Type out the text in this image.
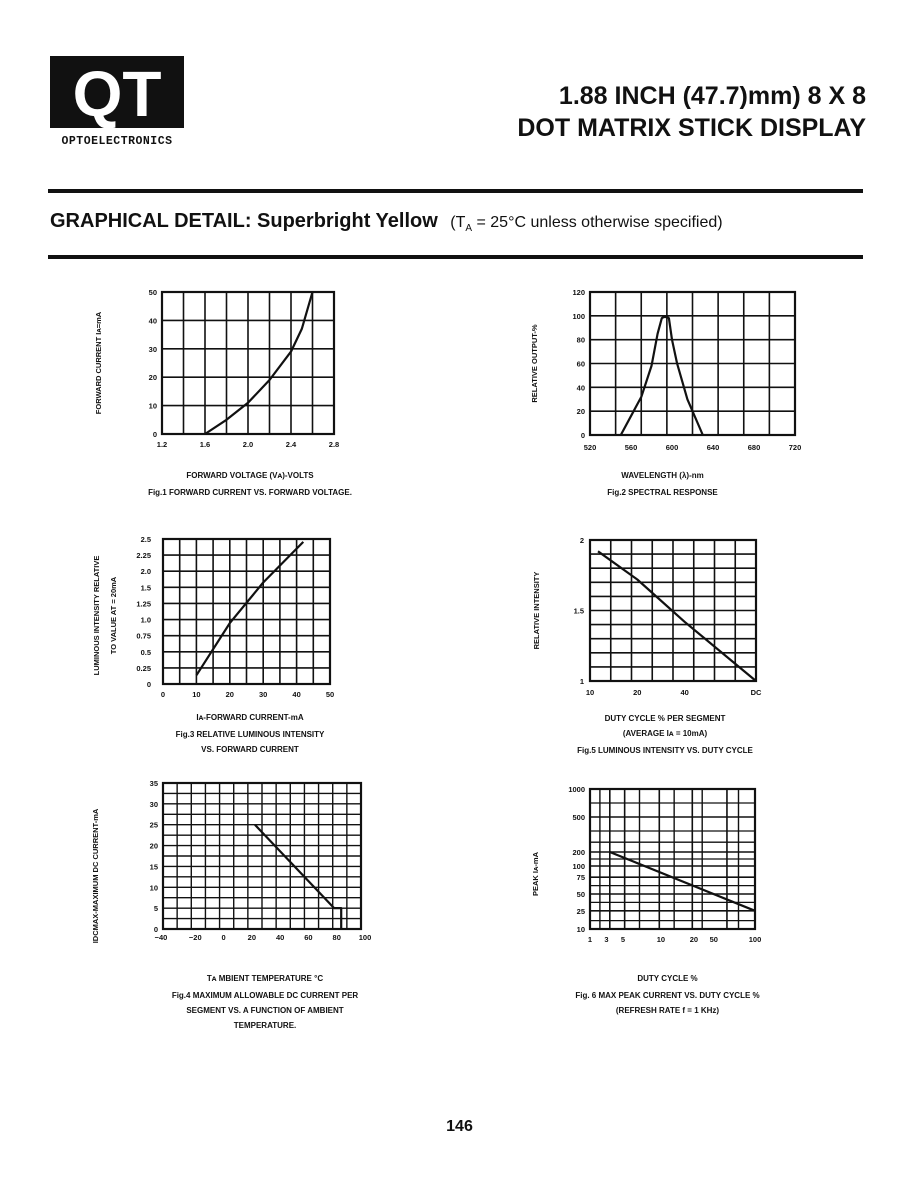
QT
OPTOELECTRONICS
1.88 INCH (47.7)mm) 8 X 8
DOT MATRIX STICK DISPLAY
GRAPHICAL DETAIL: Superbright Yellow ($T_A = 25^\circ C$ unless otherwise specified)
1.2	1.6	2.0	2.4	2.8
0
10
20
30
40
50
FORWARD CURRENT Iᴀ=mA
520	560	600	640	680	720
0
20
40
60
80
100
120
RELATIVE OUTPUT-%
0	10	20	30	40	50
0
0.25
0.5
0.75
1.0
1.25
1.5
2.0
2.25
2.5
LUMINOUS INTENSITY RELATIVE TO VALUE AT = 20mA
10	20	40	DC
1
1.5
2
RELATIVE INTENSITY
−40	−20	0	20	40	60	80 100
0
5
10
15
20
25
30
35
IDCMAX-MAXIMUM DC CURRENT-mA	1 3 5	10	20 50	100
10
25
50
75
100
200
500
1000
PEAK Iᴀ-mA
FORWARD VOLTAGE (Vᴀ)-VOLTS
Fig.1 FORWARD CURRENT VS. FORWARD VOLTAGE.
WAVELENGTH (λ)-nm
Fig.2 SPECTRAL RESPONSE
Iᴀ-FORWARD CURRENT-mA
Fig.3 RELATIVE LUMINOUS INTENSITY
VS. FORWARD CURRENT
DUTY CYCLE % PER SEGMENT
(AVERAGE Iᴀ = 10mA)
Fig.5 LUMINOUS INTENSITY VS. DUTY CYCLE
Tᴀ MBIENT TEMPERATURE °C
Fig.4 MAXIMUM ALLOWABLE DC CURRENT PER
SEGMENT VS. A FUNCTION OF AMBIENT
TEMPERATURE.
DUTY CYCLE %
Fig. 6 MAX PEAK CURRENT VS. DUTY CYCLE %
(REFRESH RATE f = 1 KHz)
146
